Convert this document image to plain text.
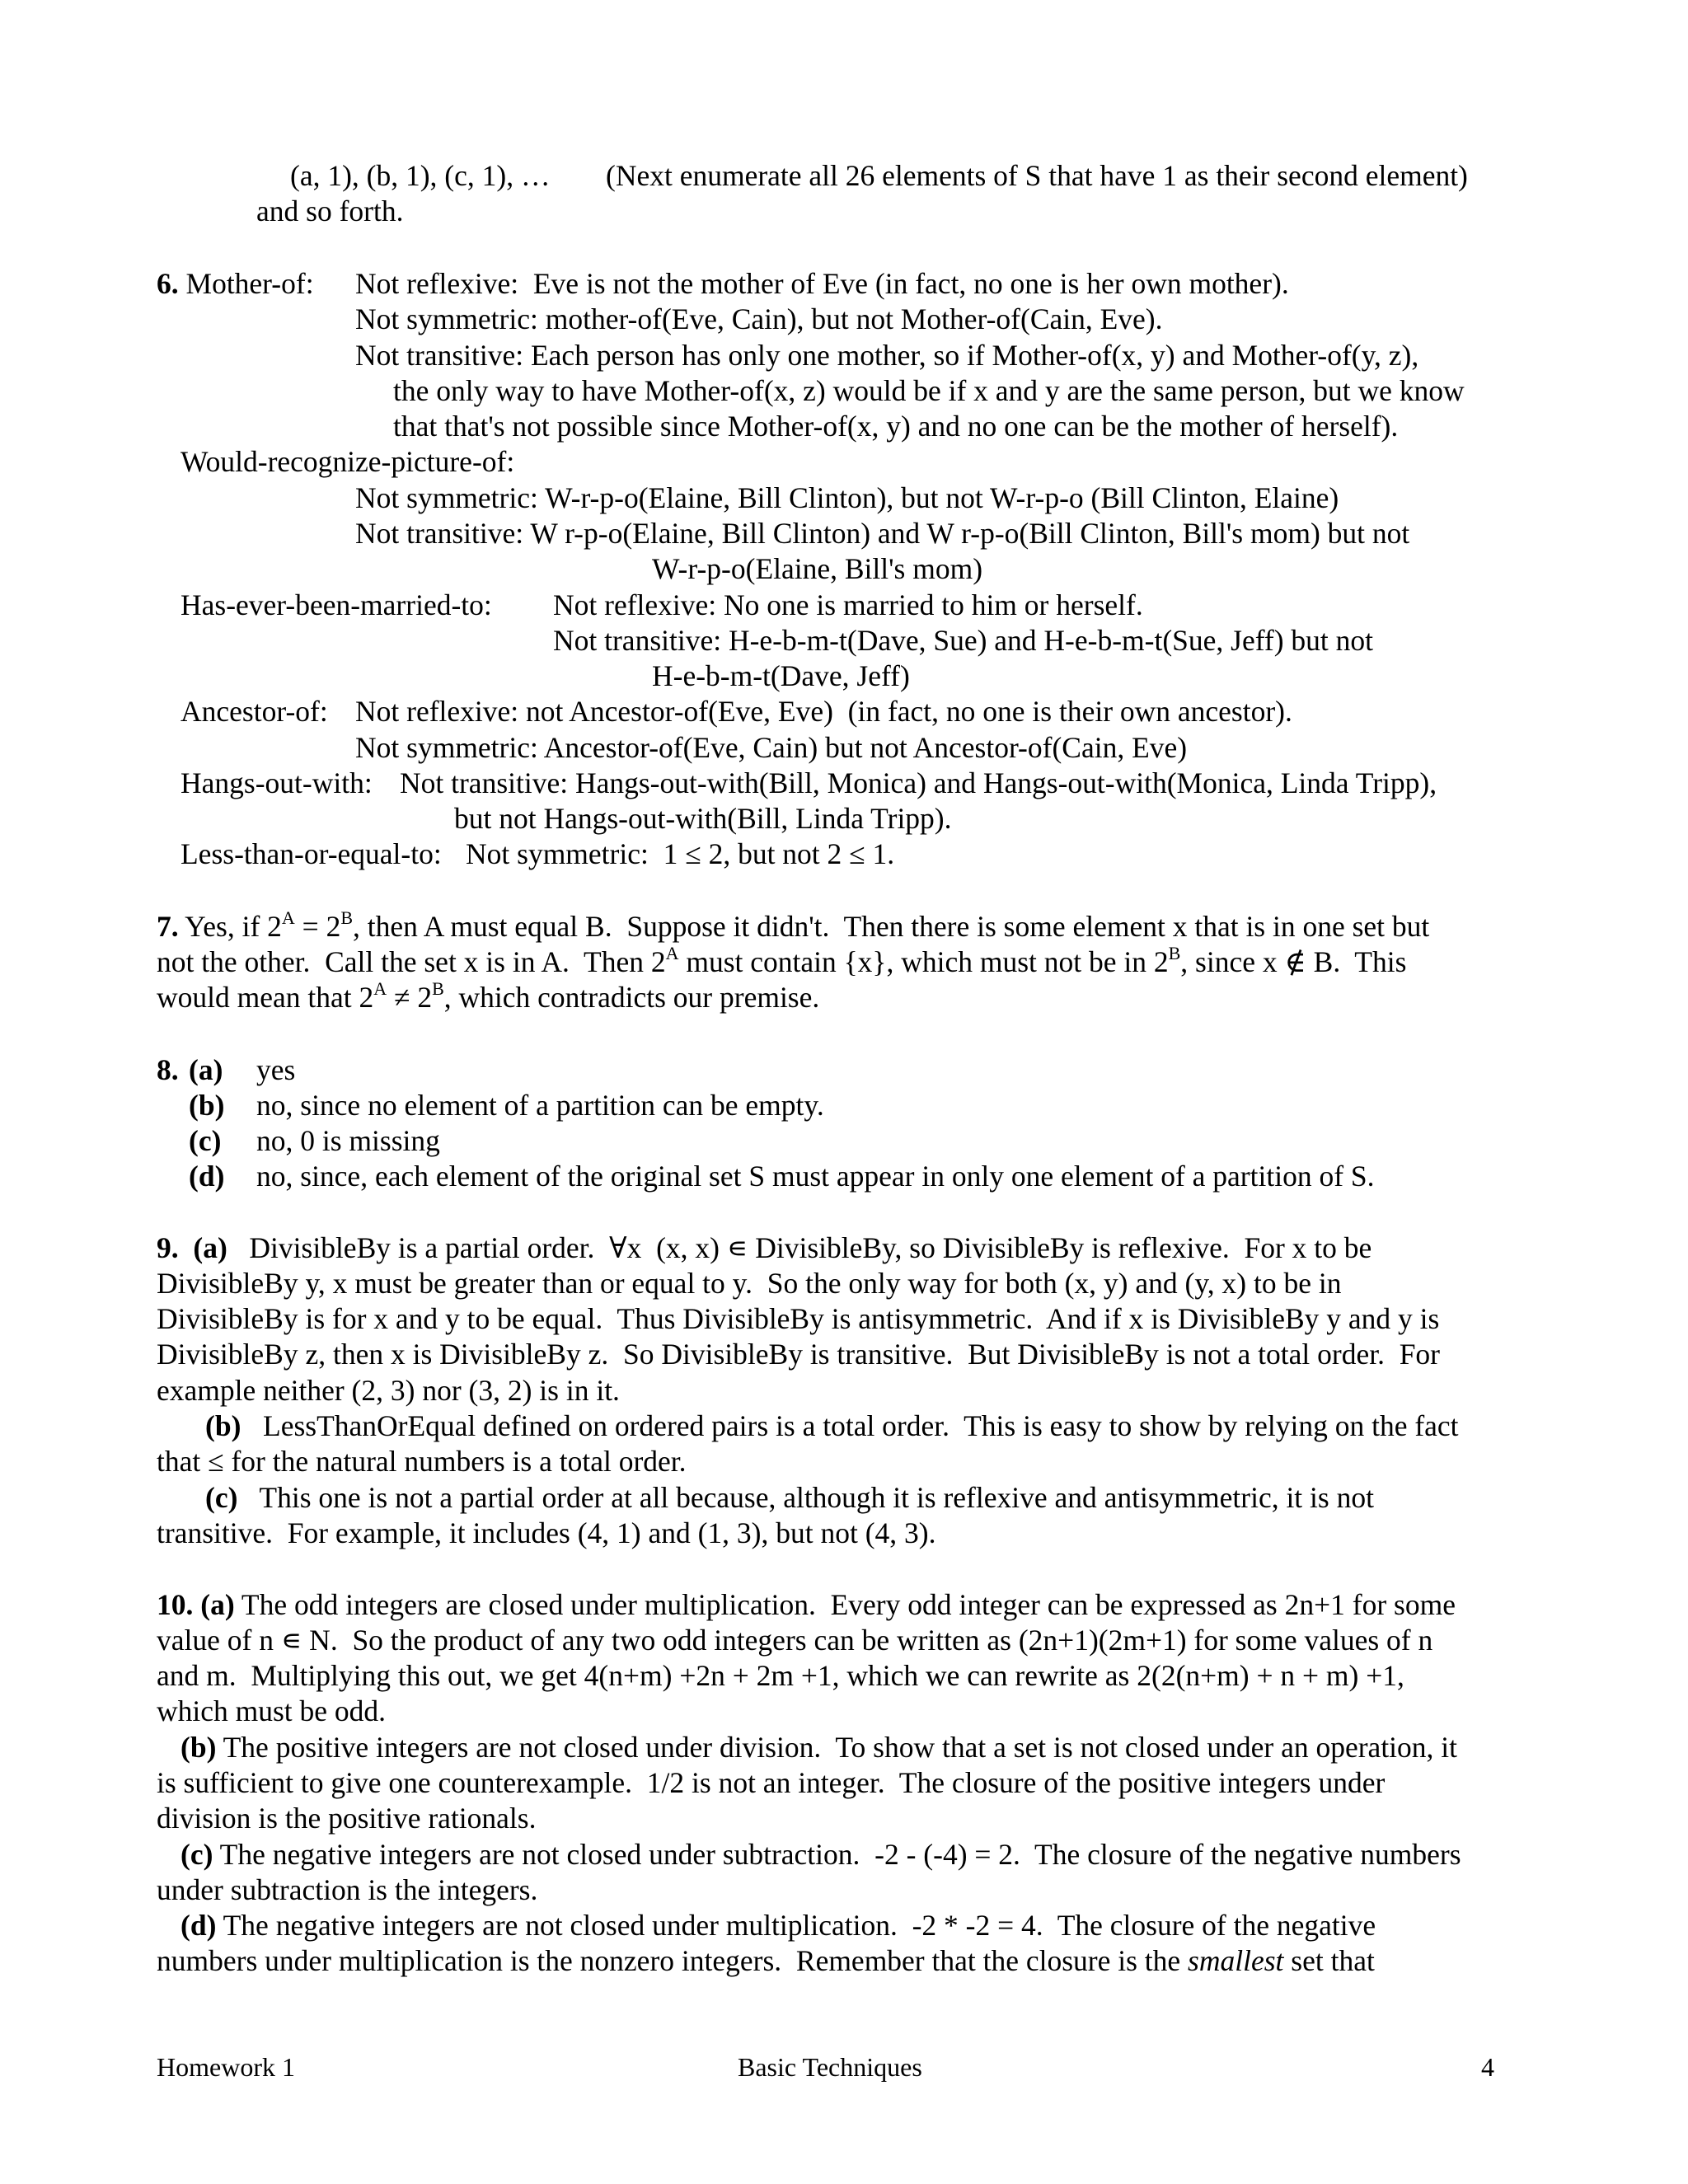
(a, 1), (b, 1), (c, 1), … (Next enumerate all 26 elements of S that have 1 as their second element)
and so forth.
6. Mother-of: Not reflexive:  Eve is not the mother of Eve (in fact, no one is her own mother).
Not symmetric: mother-of(Eve, Cain), but not Mother-of(Cain, Eve).
Not transitive: Each person has only one mother, so if Mother-of(x, y) and Mother-of(y, z),
the only way to have Mother-of(x, z) would be if x and y are the same person, but we know
that that's not possible since Mother-of(x, y) and no one can be the mother of herself).
Would-recognize-picture-of:
Not symmetric: W-r-p-o(Elaine, Bill Clinton), but not W-r-p-o (Bill Clinton, Elaine)
Not transitive: W r-p-o(Elaine, Bill Clinton) and W r-p-o(Bill Clinton, Bill's mom) but not
W-r-p-o(Elaine, Bill's mom)
Has-ever-been-married-to: Not reflexive: No one is married to him or herself.
Not transitive: H-e-b-m-t(Dave, Sue) and H-e-b-m-t(Sue, Jeff) but not
H-e-b-m-t(Dave, Jeff)
Ancestor-of: Not reflexive: not Ancestor-of(Eve, Eve)  (in fact, no one is their own ancestor).
Not symmetric: Ancestor-of(Eve, Cain) but not Ancestor-of(Cain, Eve)
Hangs-out-with: Not transitive: Hangs-out-with(Bill, Monica) and Hangs-out-with(Monica, Linda Tripp),
but not Hangs-out-with(Bill, Linda Tripp).
Less-than-or-equal-to: Not symmetric:  1 ≤ 2, but not 2 ≤ 1.
7. Yes, if $2^A = 2^B$, then A must equal B.  Suppose it didn't.  Then there is some element x that is in one set but
not the other.  Call the set x is in A.  Then $2^A$ must contain {x}, which must not be in $2^B$, since x ∉ B.  This
would mean that $2^A \ne 2^B$, which contradicts our premise.
8. (a) yes
(b) no, since no element of a partition can be empty.
(c) no, 0 is missing
(d) no, since, each element of the original set S must appear in only one element of a partition of S.
9. (a) DivisibleBy is a partial order.  ∀x  (x, x) ∊ DivisibleBy, so DivisibleBy is reflexive.  For x to be
DivisibleBy y, x must be greater than or equal to y.  So the only way for both (x, y) and (y, x) to be in
DivisibleBy is for x and y to be equal.  Thus DivisibleBy is antisymmetric.  And if x is DivisibleBy y and y is
DivisibleBy z, then x is DivisibleBy z.  So DivisibleBy is transitive.  But DivisibleBy is not a total order.  For
example neither (2, 3) nor (3, 2) is in it.
(b) LessThanOrEqual defined on ordered pairs is a total order.  This is easy to show by relying on the fact
that ≤ for the natural numbers is a total order.
(c) This one is not a partial order at all because, although it is reflexive and antisymmetric, it is not
transitive.  For example, it includes (4, 1) and (1, 3), but not (4, 3).
10. (a) The odd integers are closed under multiplication.  Every odd integer can be expressed as 2n+1 for some
value of n ∊ N.  So the product of any two odd integers can be written as (2n+1)(2m+1) for some values of n
and m.  Multiplying this out, we get 4(n+m) +2n + 2m +1, which we can rewrite as 2(2(n+m) + n + m) +1,
which must be odd.
(b) The positive integers are not closed under division.  To show that a set is not closed under an operation, it
is sufficient to give one counterexample.  1/2 is not an integer.  The closure of the positive integers under
division is the positive rationals.
(c) The negative integers are not closed under subtraction.  -2 - (-4) = 2.  The closure of the negative numbers
under subtraction is the integers.
(d) The negative integers are not closed under multiplication.  -2 * -2 = 4.  The closure of the negative
numbers under multiplication is the nonzero integers.  Remember that the closure is the smallest set that
Homework 1	Basic Techniques	4
